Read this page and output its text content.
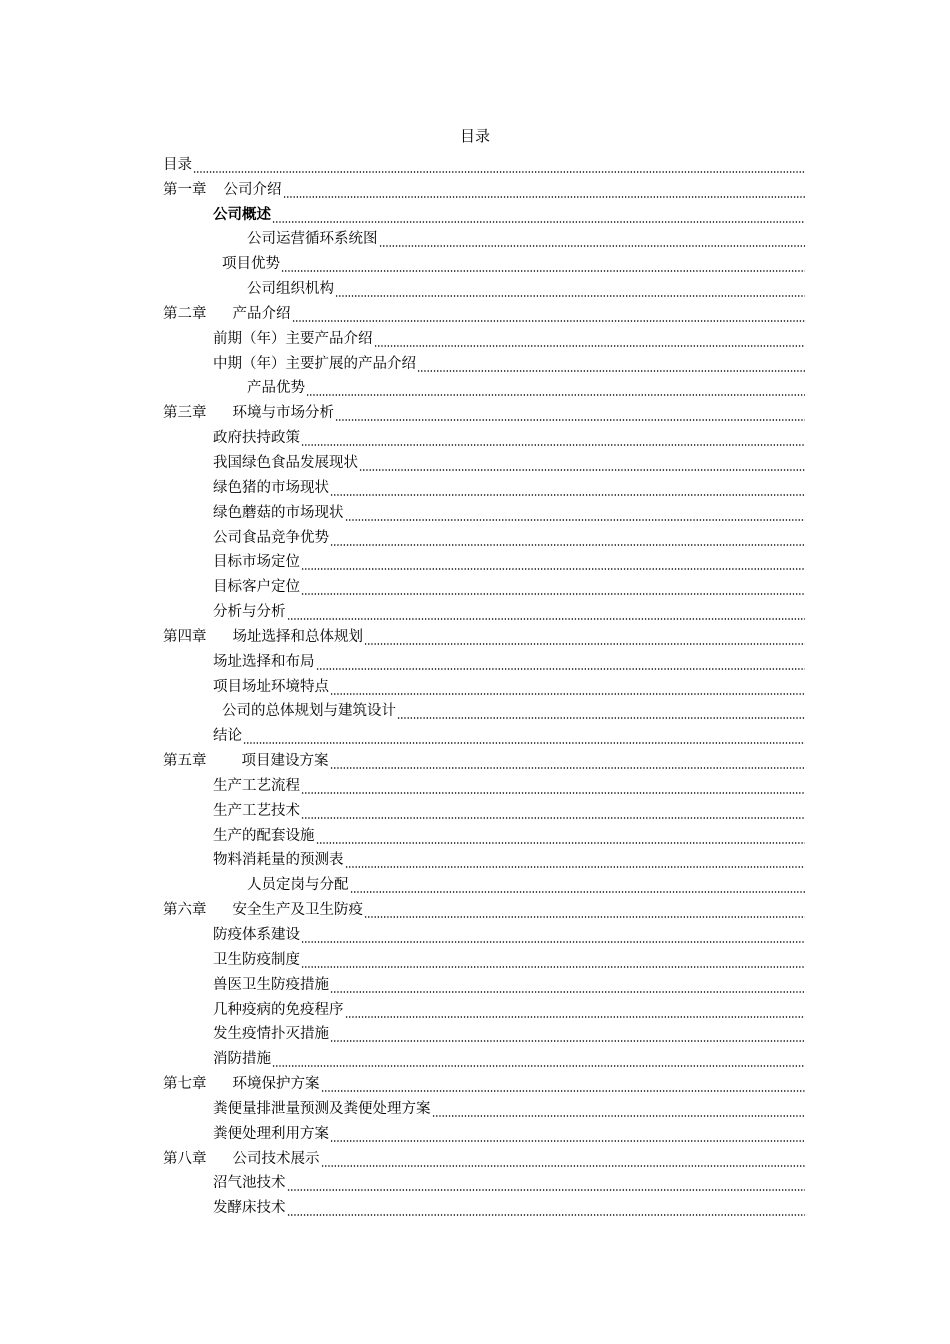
目录
目录
第一章 公司介绍
公司概述
公司运营循环系统图
项目优势
公司组织机构
第二章 产品介绍
前期（年）主要产品介绍
中期（年）主要扩展的产品介绍
产品优势
第三章 环境与市场分析
政府扶持政策
我国绿色食品发展现状
绿色猪的市场现状
绿色蘑菇的市场现状
公司食品竞争优势
目标市场定位
目标客户定位
分析与分析
第四章 场址选择和总体规划
场址选择和布局
项目场址环境特点
公司的总体规划与建筑设计
结论
第五章 项目建设方案
生产工艺流程
生产工艺技术
生产的配套设施
物料消耗量的预测表
人员定岗与分配
第六章 安全生产及卫生防疫
防疫体系建设
卫生防疫制度
兽医卫生防疫措施
几种疫病的免疫程序
发生疫情扑灭措施
消防措施
第七章 环境保护方案
粪便量排泄量预测及粪便处理方案
粪便处理利用方案
第八章 公司技术展示
沼气池技术
发酵床技术
